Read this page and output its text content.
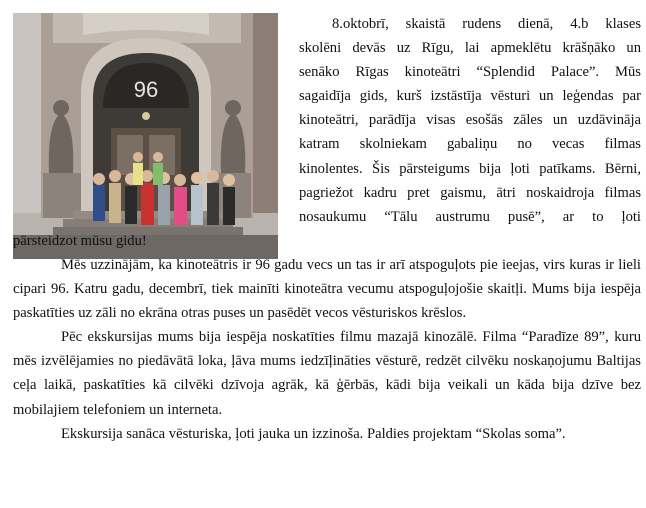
96
8.oktobrī, skaistā rudens dienā, 4.b klases
skolēni devās uz Rīgu, lai apmeklētu krāšņāko un
senāko Rīgas kinoteātri “Splendid Palace”. Mūs
sagaidīja gids, kurš izstāstīja vēsturi un leģendas par
kinoteātri, parādīja visas esošās zāles un uzdāvināja
katram skolniekam gabaliņu no vecas filmas
kinolentes. Šis pārsteigums bija ļoti patīkams. Bērni,
pagriežot kadru pret gaismu, ātri noskaidroja filmas
nosaukumu “Tālu austrumu pusē”, ar to ļoti

pārsteidzot mūsu gidu!

Mēs uzzinājām, ka kinoteātris ir 96 gadu vecs un tas ir arī atspoguļots pie ieejas, virs kuras ir lieli cipari 96. Katru gadu, decembrī, tiek mainīti kinoteātra vecumu atspoguļojošie skaitļi. Mums bija iespēja paskatīties uz zāli no ekrāna otras puses un pasēdēt vecos vēsturiskos krēslos.

Pēc ekskursijas mums bija iespēja noskatīties filmu mazajā kinozālē. Filma “Paradīze 89”, kuru mēs izvēlējamies no piedāvātā loka, ļāva mums iedzīļināties vēsturē, redzēt cilvēku noskaņojumu Baltijas ceļa laikā, paskatīties kā cilvēki dzīvoja agrāk, kā ģērbās, kādi bija veikali un kāda bija dzīve bez mobilajiem telefoniem un interneta.

Ekskursija sanāca vēsturiska, ļoti jauka un izzinoša. Paldies projektam “Skolas soma”.
